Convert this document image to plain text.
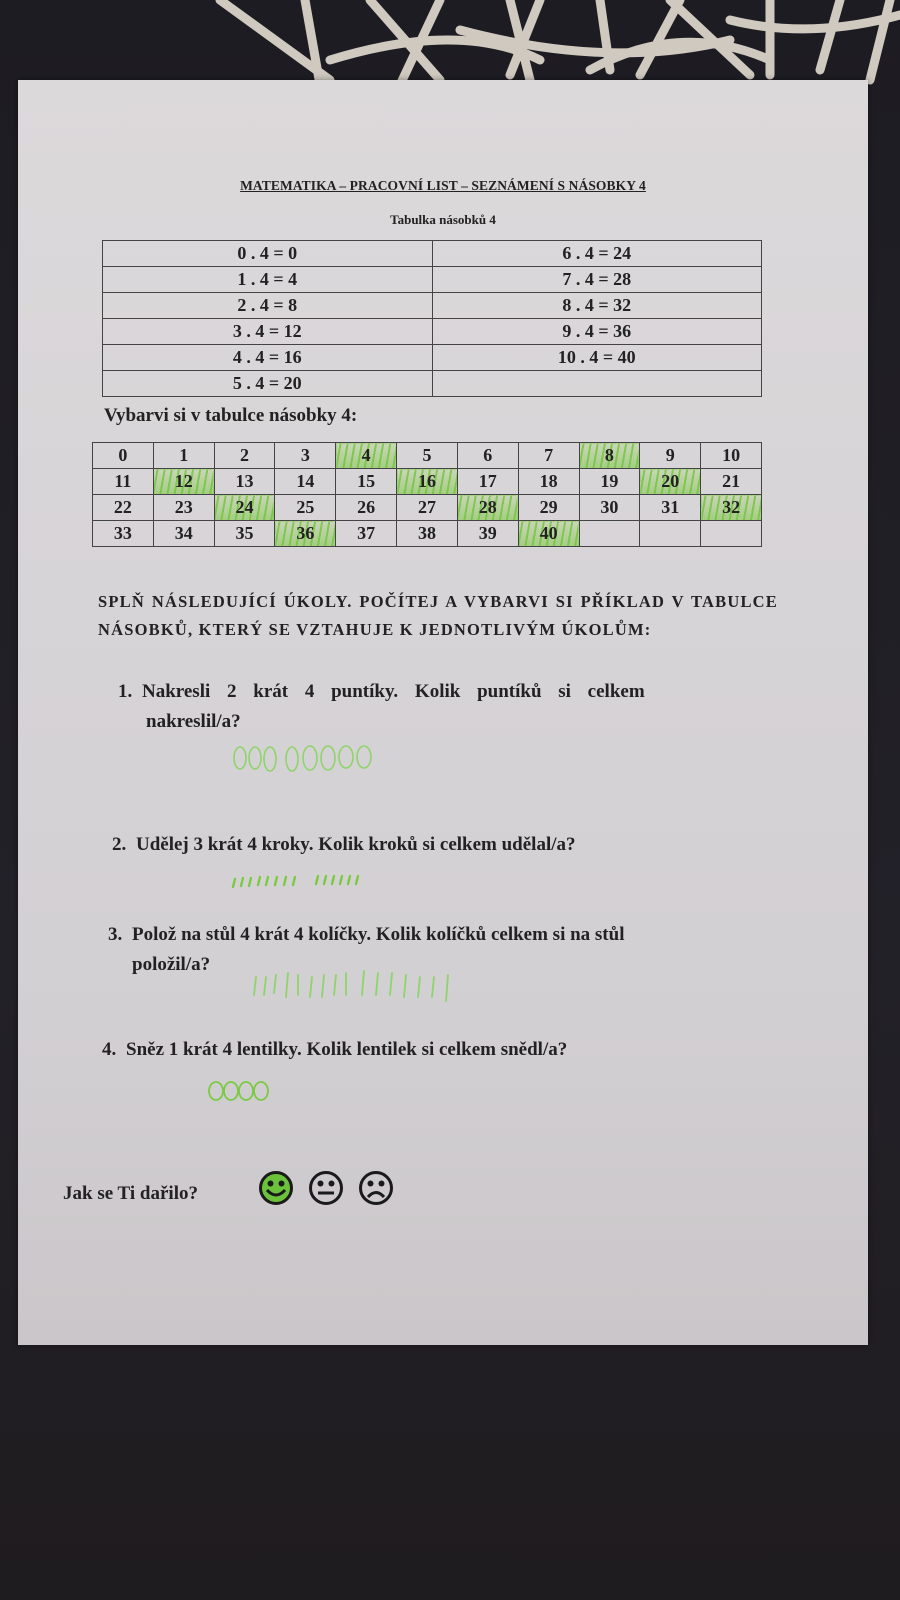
MATEMATIKA – PRACOVNÍ LIST – SEZNÁMENÍ S NÁSOBKY 4
Tabulka násobků 4
0 . 4 = 0	6 . 4 = 24
1 . 4 = 4	7 . 4 = 28
2 . 4 = 8	8 . 4 = 32
3 . 4 = 12	9 . 4 = 36
4 . 4 = 16	10 . 4 = 40
5 . 4 = 20	
Vybarvi si v tabulce násobky 4:
0	1	2	3	4	5	6	7	8	9	10
11	12	13	14	15	16	17	18	19	20	21
22	23	24	25	26	27	28	29	30	31	32
33	34	35	36	37	38	39	40			
SPLŇ NÁSLEDUJÍCÍ ÚKOLY. POČÍTEJ A VYBARVI SI PŘÍKLAD V TABULCE NÁSOBKŮ, KTERÝ SE VZTAHUJE K JEDNOTLIVÝM ÚKOLŮM:
1. Nakresli 2 krát 4 puntíky. Kolik puntíků si celkem
nakreslil/a?
2. Udělej 3 krát 4 kroky. Kolik kroků si celkem udělal/a?
3. Polož na stůl 4 krát 4 kolíčky. Kolik kolíčků celkem si na stůl
položil/a?
4. Sněz 1 krát 4 lentilky. Kolik lentilek si celkem snědl/a?
Jak se Ti dařilo?
